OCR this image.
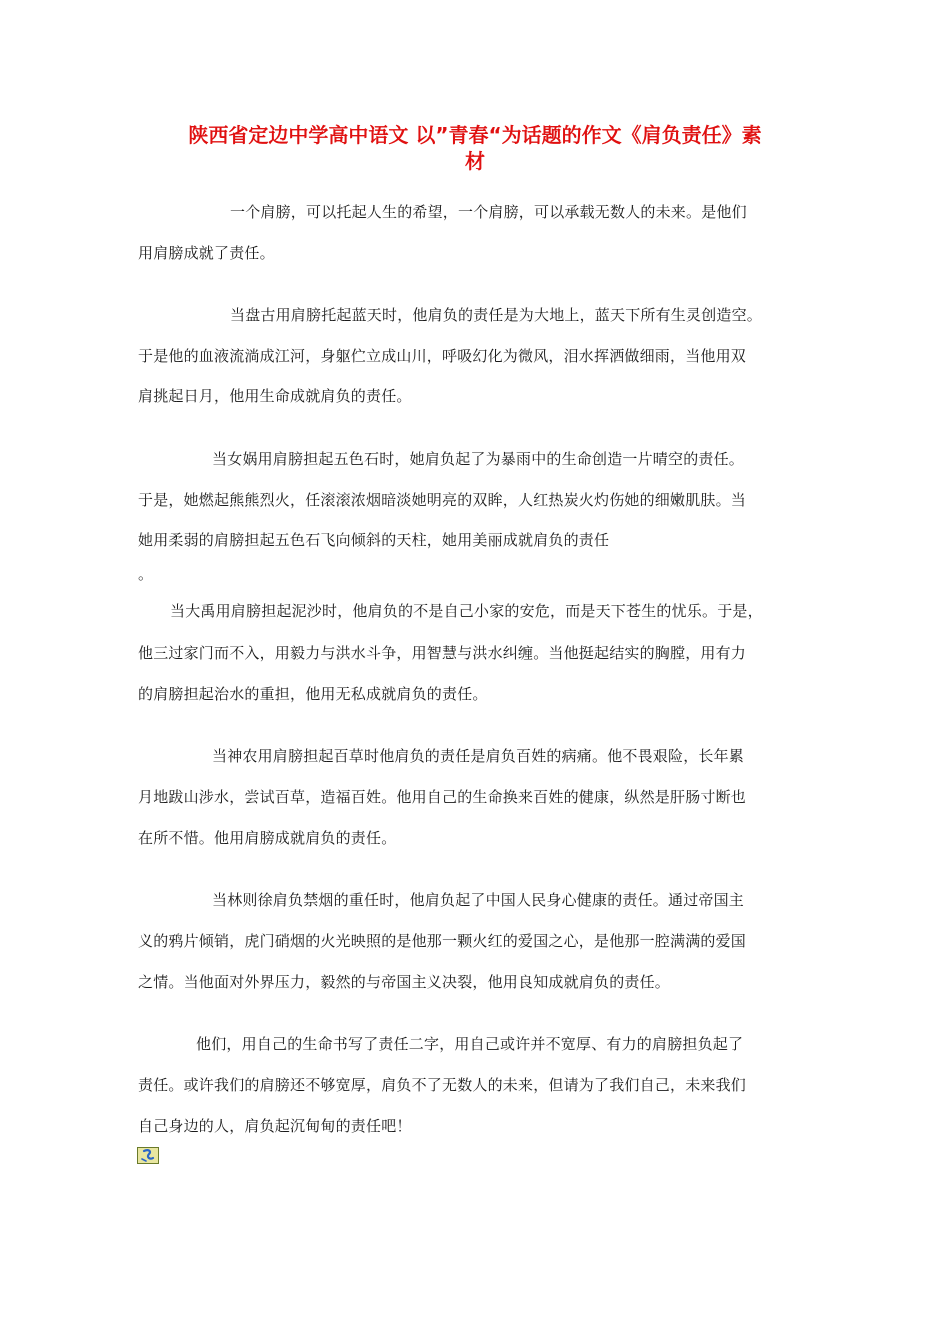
陕西省定边中学高中语文 以”青春“为话题的作文《肩负责任》素
材
一个肩膀，可以托起人生的希望，一个肩膀，可以承载无数人的未来。是他们
用肩膀成就了责任。
当盘古用肩膀托起蓝天时，他肩负的责任是为大地上，蓝天下所有生灵创造空。
于是他的血液流淌成江河，身躯伫立成山川，呼吸幻化为微风，泪水挥洒做细雨，当他用双
肩挑起日月，他用生命成就肩负的责任。
当女娲用肩膀担起五色石时，她肩负起了为暴雨中的生命创造一片晴空的责任。
于是，她燃起熊熊烈火，任滚滚浓烟暗淡她明亮的双眸，人红热炭火灼伤她的细嫩肌肤。当
她用柔弱的肩膀担起五色石飞向倾斜的天柱，她用美丽成就肩负的责任
。
当大禹用肩膀担起泥沙时，他肩负的不是自己小家的安危，而是天下苍生的忧乐。于是，
他三过家门而不入，用毅力与洪水斗争，用智慧与洪水纠缠。当他挺起结实的胸膛，用有力
的肩膀担起治水的重担，他用无私成就肩负的责任。
当神农用肩膀担起百草时他肩负的责任是肩负百姓的病痛。他不畏艰险，长年累
月地跋山涉水，尝试百草，造福百姓。他用自己的生命换来百姓的健康，纵然是肝肠寸断也
在所不惜。他用肩膀成就肩负的责任。
当林则徐肩负禁烟的重任时，他肩负起了中国人民身心健康的责任。通过帝国主
义的鸦片倾销，虎门硝烟的火光映照的是他那一颗火红的爱国之心，是他那一腔满满的爱国
之情。当他面对外界压力，毅然的与帝国主义决裂，他用良知成就肩负的责任。
他们，用自己的生命书写了责任二字，用自己或许并不宽厚、有力的肩膀担负起了
责任。或许我们的肩膀还不够宽厚，肩负不了无数人的未来，但请为了我们自己，未来我们
自己身边的人，肩负起沉甸甸的责任吧！
